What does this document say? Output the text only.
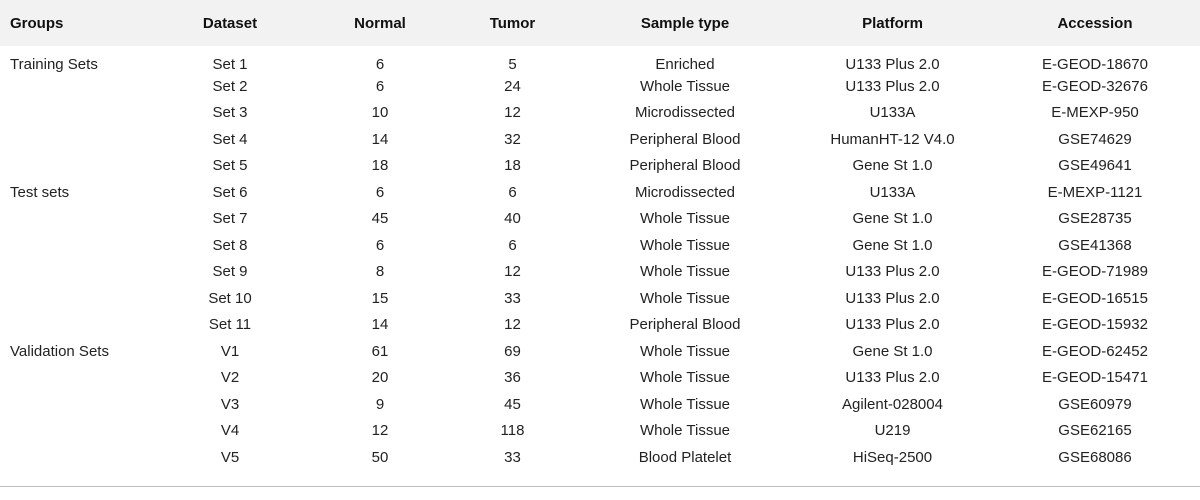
Groups	Dataset	Normal	Tumor	Sample type	Platform	Accession
Training Sets	Set 1	6	5	Enriched	U133 Plus 2.0	E-GEOD-18670
	Set 2	6	24	Whole Tissue	U133 Plus 2.0	E-GEOD-32676
	Set 3	10	12	Microdissected	U133A	E-MEXP-950
	Set 4	14	32	Peripheral Blood	HumanHT-12 V4.0	GSE74629
	Set 5	18	18	Peripheral Blood	Gene St 1.0	GSE49641
Test sets	Set 6	6	6	Microdissected	U133A	E-MEXP-1121
	Set 7	45	40	Whole Tissue	Gene St 1.0	GSE28735
	Set 8	6	6	Whole Tissue	Gene St 1.0	GSE41368
	Set 9	8	12	Whole Tissue	U133 Plus 2.0	E-GEOD-71989
	Set 10	15	33	Whole Tissue	U133 Plus 2.0	E-GEOD-16515
	Set 11	14	12	Peripheral Blood	U133 Plus 2.0	E-GEOD-15932
Validation Sets	V1	61	69	Whole Tissue	Gene St 1.0	E-GEOD-62452
	V2	20	36	Whole Tissue	U133 Plus 2.0	E-GEOD-15471
	V3	9	45	Whole Tissue	Agilent-028004	GSE60979
	V4	12	118	Whole Tissue	U219	GSE62165
	V5	50	33	Blood Platelet	HiSeq-2500	GSE68086
